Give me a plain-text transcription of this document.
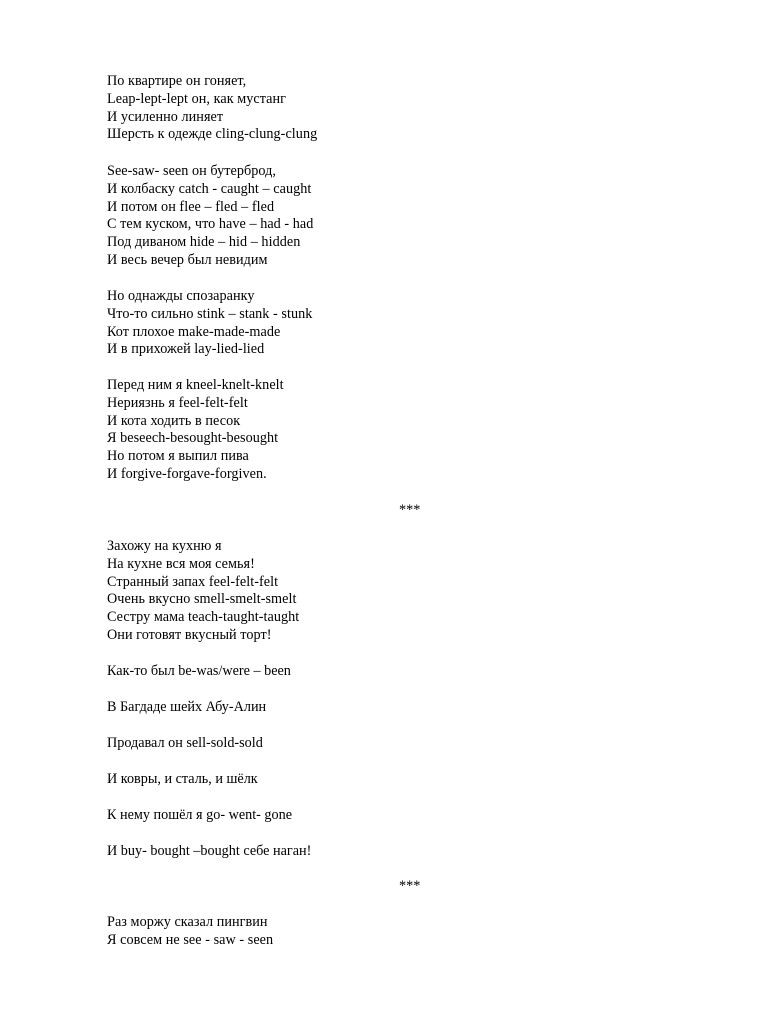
По квартире он гоняет,
Leap-lept-lept он, как мустанг
И усиленно линяет
Шерсть к одежде cling-clung-clung
See-saw- seen он бутерброд,
И колбаску catch - caught – caught
И потом он flee – fled – fled
С тем куском, что have – had - had
Под диваном hide – hid – hidden
И весь вечер был невидим
Но однажды спозаранку
Что-то сильно stink – stank - stunk
Кот плохое make-made-made
И в прихожей lay-lied-lied
Перед ним я kneel-knelt-knelt
Нериязнь я feel-felt-felt
И кота ходить в песок
Я beseech-besought-besought
Но потом я выпил пива
И forgive-forgave-forgiven.
***
Захожу на кухню я
На кухне вся моя семья!
Странный запах feel-felt-felt
Очень вкусно smell-smelt-smelt
Сестру мама teach-taught-taught
Они готовят вкусный торт!
Как-то был be-was/were – been
В Багдаде шейх Абу-Алин
Продавал он sell-sold-sold
И ковры, и сталь, и шёлк
К нему пошёл я go- went- gone
И buy- bought –bought себе наган!
***
Раз моржу сказал пингвин
Я совсем не see - saw - seen
